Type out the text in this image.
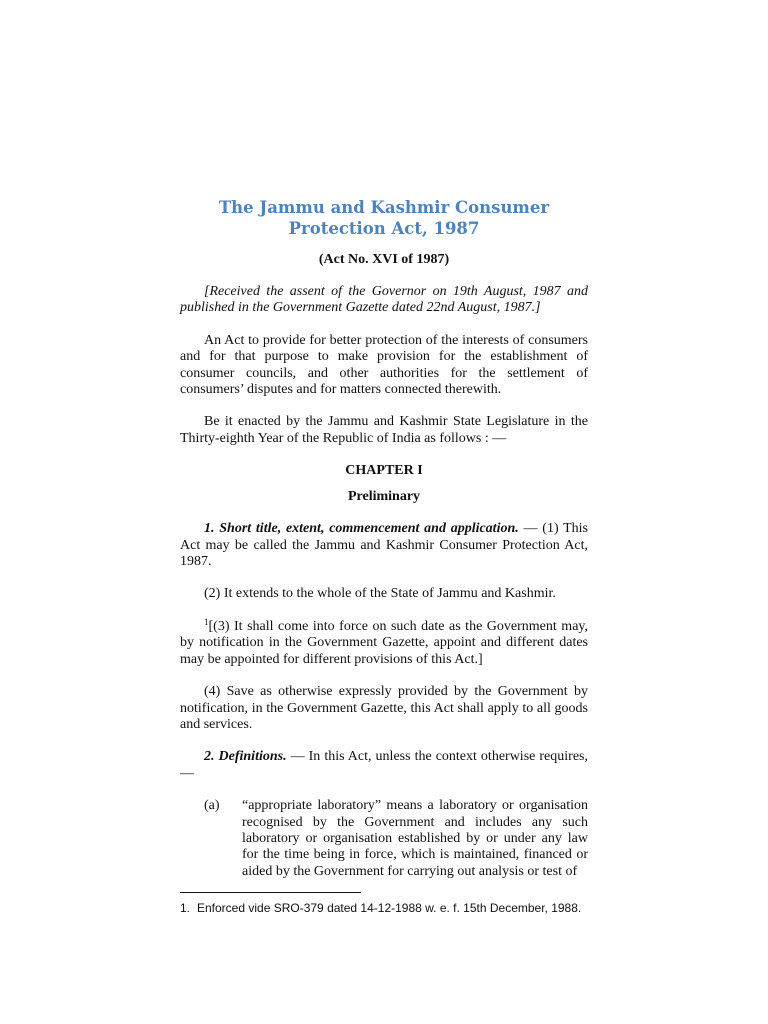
The Jammu and Kashmir Consumer Protection Act, 1987
(Act No. XVI of 1987)

[Received the assent of the Governor on 19th August, 1987 and published in the Government Gazette dated 22nd August, 1987.]

An Act to provide for better protection of the interests of consumers and for that purpose to make provision for the establishment of consumer councils, and other authorities for the settlement of consumers’ disputes and for matters connected therewith.

Be it enacted by the Jammu and Kashmir State Legislature in the Thirty-eighth Year of the Republic of India as follows : —

CHAPTER I
Preliminary

1. Short title, extent, commencement and application. — (1) This Act may be called the Jammu and Kashmir Consumer Protection Act, 1987.

(2) It extends to the whole of the State of Jammu and Kashmir.

$^1$[(3) It shall come into force on such date as the Government may, by notification in the Government Gazette, appoint and different dates may be appointed for different provisions of this Act.]

(4) Save as otherwise expressly provided by the Government by notification, in the Government Gazette, this Act shall apply to all goods and services.

2. Definitions. — In this Act, unless the context otherwise requires,—

(a)	“appropriate laboratory” means a laboratory or organisation recognised by the Government and includes any such laboratory or organisation established by or under any law for the time being in force, which is maintained, financed or aided by the Government for carrying out analysis or test of
1. Enforced vide SRO-379 dated 14-12-1988 w. e. f. 15th December, 1988.
